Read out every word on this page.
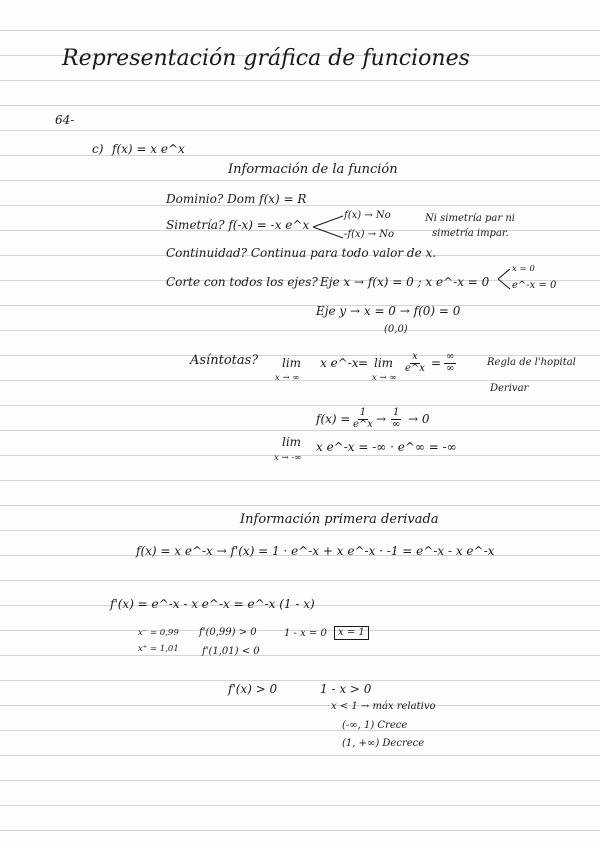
Representación gráfica de funciones
64-
c) f(x) = x e^x
Información de la función
Dominio? Dom f(x) = R
Simetría? f(-x) = -x e^x
f(x) → No
-f(x) → No
Ni simetría par ni
simetría impar.
Continuidad? Continua para todo valor de x.
Corte con todos los ejes? Eje x → f(x) = 0 ; x e^-x = 0
x = 0
e^-x = 0
Eje y → x = 0 → f(0) = 0
(0,0)
Asíntotas? lim
x → ∞
x e^-x = lim
x → ∞
$\frac{x}{e\^{}x} = \frac{\infty}{\infty}$	Regla de l'hopital
Derivar
$f(x) = \frac{1}{e\^{}x} \to \frac{1}{\infty} \to 0$
lim
x → -∞
x e^-x = -∞ · e^∞ = -∞
Información primera derivada
f(x) = x e^-x → f'(x) = 1 · e^-x + x e^-x · -1 = e^-x - x e^-x
f'(x) = e^-x - x e^-x = e^-x (1 - x)
x⁻ = 0,99
x⁺ = 1,01
f'(0,99) > 0
f'(1,01) < 0
1 - x = 0	x = 1
f'(x) > 0	1 - x > 0
x < 1 → máx relativo
(-∞, 1) Crece
(1, +∞) Decrece
